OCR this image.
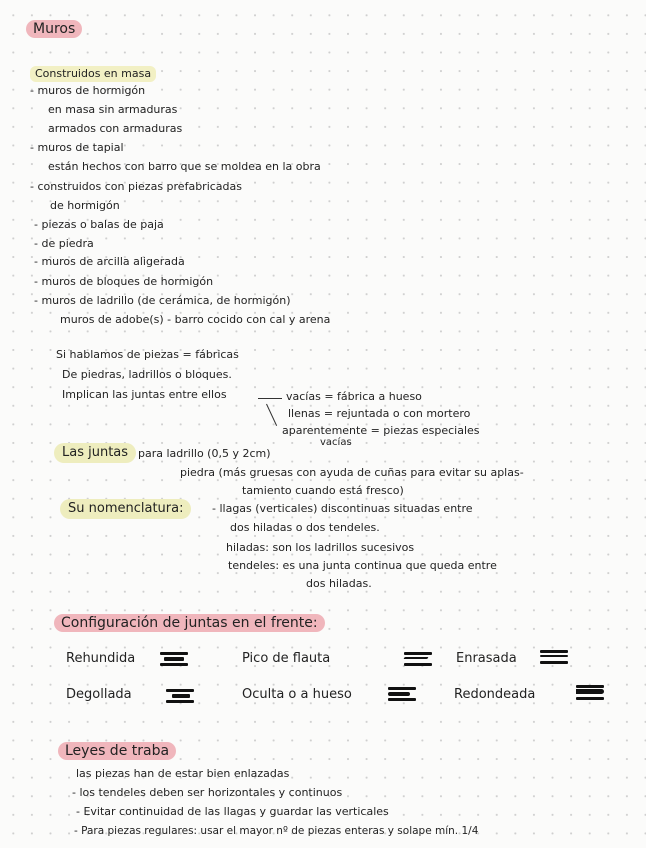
Muros
Construidos en masa
- muros de hormigón
en masa sin armaduras
armados con armaduras
- muros de tapial
están hechos con barro que se moldea en la obra
- construidos con piezas prefabricadas
de hormigón
- piezas o balas de paja
- de piedra
- muros de arcilla aligerada
- muros de bloques de hormigón
- muros de ladrillo (de cerámica, de hormigón)
muros de adobe(s) - barro cocido con cal y arena
Si hablamos de piezas = fábricas
De piedras, ladrillos o bloques.
Implican las juntas entre ellos	vacías = fábrica a hueso
llenas = rejuntada o con mortero
aparentemente = piezas especiales
vacías
Las juntas para ladrillo (0,5 y 2cm)
piedra (más gruesas con ayuda de cuñas para evitar su aplas-
tamiento cuando está fresco)
Su nomenclatura:	- llagas (verticales) discontinuas situadas entre
dos hiladas o dos tendeles.
hiladas: son los ladrillos sucesivos
tendeles: es una junta continua que queda entre
dos hiladas.
Configuración de juntas en el frente:
Rehundida	Pico de flauta	Enrasada
Degollada	Oculta o a hueso	Redondeada
Leyes de traba
las piezas han de estar bien enlazadas
- los tendeles deben ser horizontales y continuos
- Evitar continuidad de las llagas y guardar las verticales
- Para piezas regulares: usar el mayor nº de piezas enteras y solape mín. 1/4
